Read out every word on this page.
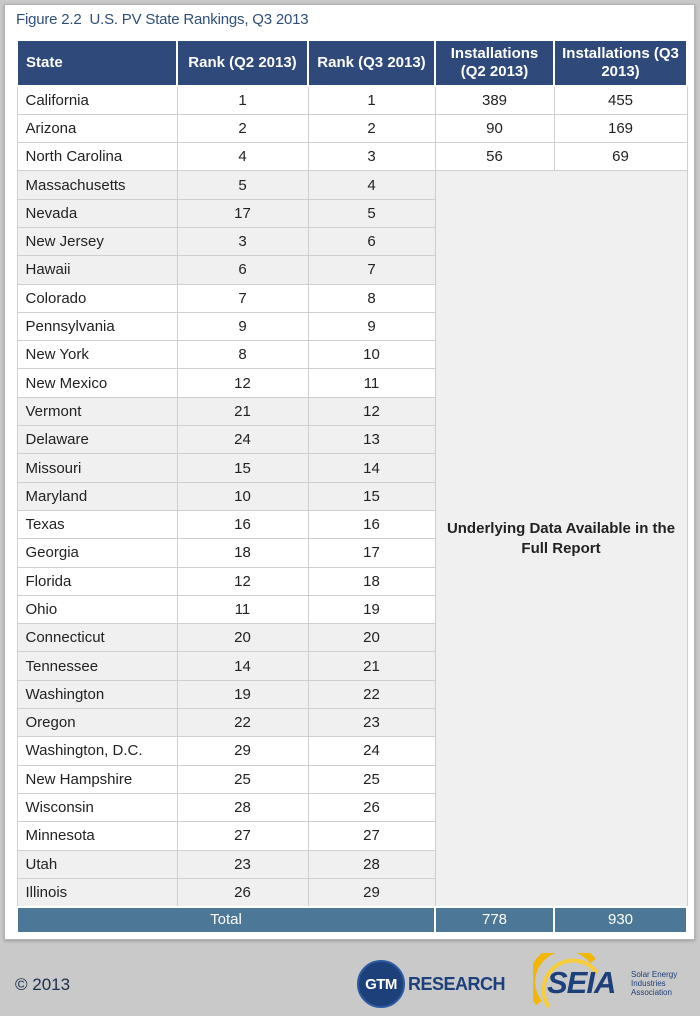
Figure 2.2  U.S. PV State Rankings, Q3 2013
State	Rank (Q2 2013)	Rank (Q3 2013)	Installations (Q2 2013)	Installations (Q3 2013)
California	1	1	389	455
Arizona	2	2	90	169
North Carolina	4	3	56	69
Massachusetts	5	4	Underlying Data Available in the Full Report	
Nevada	17	5		
New Jersey	3	6		
Hawaii	6	7		
Colorado	7	8		
Pennsylvania	9	9		
New York	8	10		
New Mexico	12	11		
Vermont	21	12		
Delaware	24	13		
Missouri	15	14		
Maryland	10	15		
Texas	16	16		
Georgia	18	17		
Florida	12	18		
Ohio	11	19		
Connecticut	20	20		
Tennessee	14	21		
Washington	19	22		
Oregon	22	23		
Washington, D.C.	29	24		
New Hampshire	25	25		
Wisconsin	28	26		
Minnesota	27	27		
Utah	23	28		
Illinois	26	29		
Total			778	930
© 2013	GTM RESEARCH SEIA Solar Energy Industries Association
